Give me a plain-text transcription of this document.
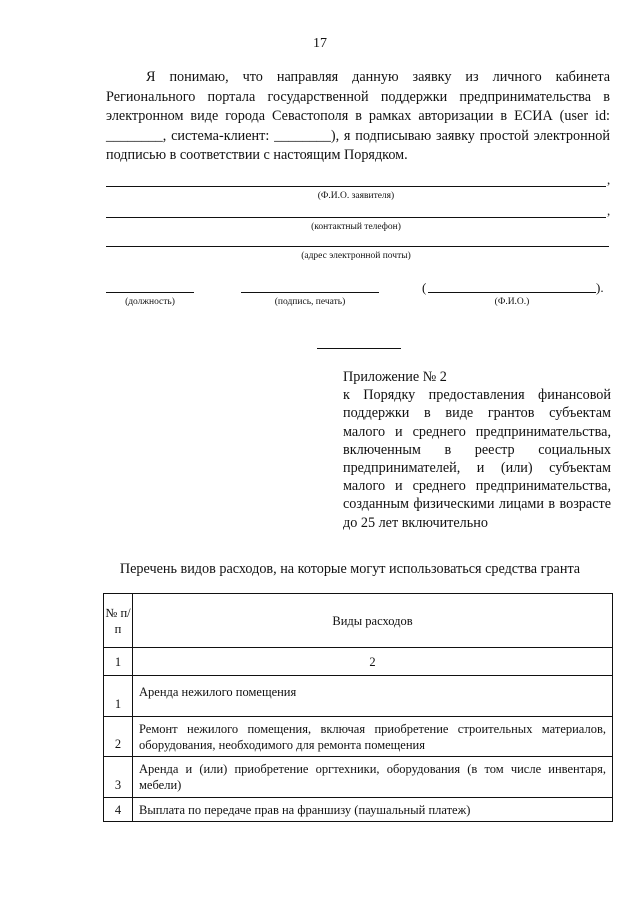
17

Я понимаю, что направляя данную заявку из личного кабинета Регионального портала государственной поддержки предпринимательства в электронном виде города Севастополя в рамках авторизации в ЕСИА (user id: ________, система-клиент: ________), я подписываю заявку простой электронной подписью в соответствии с настоящим Порядком.

,
(Ф.И.О. заявителя)
,
(контактный телефон)
(адрес электронной почты)
(должность)	(подпись, печать)
(	).
(Ф.И.О.)

Приложение № 2

к Порядку предоставления финансовой поддержки в виде грантов субъектам малого и среднего предпринимательства, включенным в реестр социальных предпринимателей, и (или) субъектам малого и среднего предпринимательства, созданным физическими лицами в возрасте до 25 лет включительно

Перечень видов расходов, на которые могут использоваться средства гранта
№ п/п	Виды расходов
1	2
1	Аренда нежилого помещения
2	Ремонт нежилого помещения, включая приобретение строительных материалов, оборудования, необходимого для ремонта помещения
3	Аренда и (или) приобретение оргтехники, оборудования (в том числе инвентаря, мебели)
4	Выплата по передаче прав на франшизу (паушальный платеж)
